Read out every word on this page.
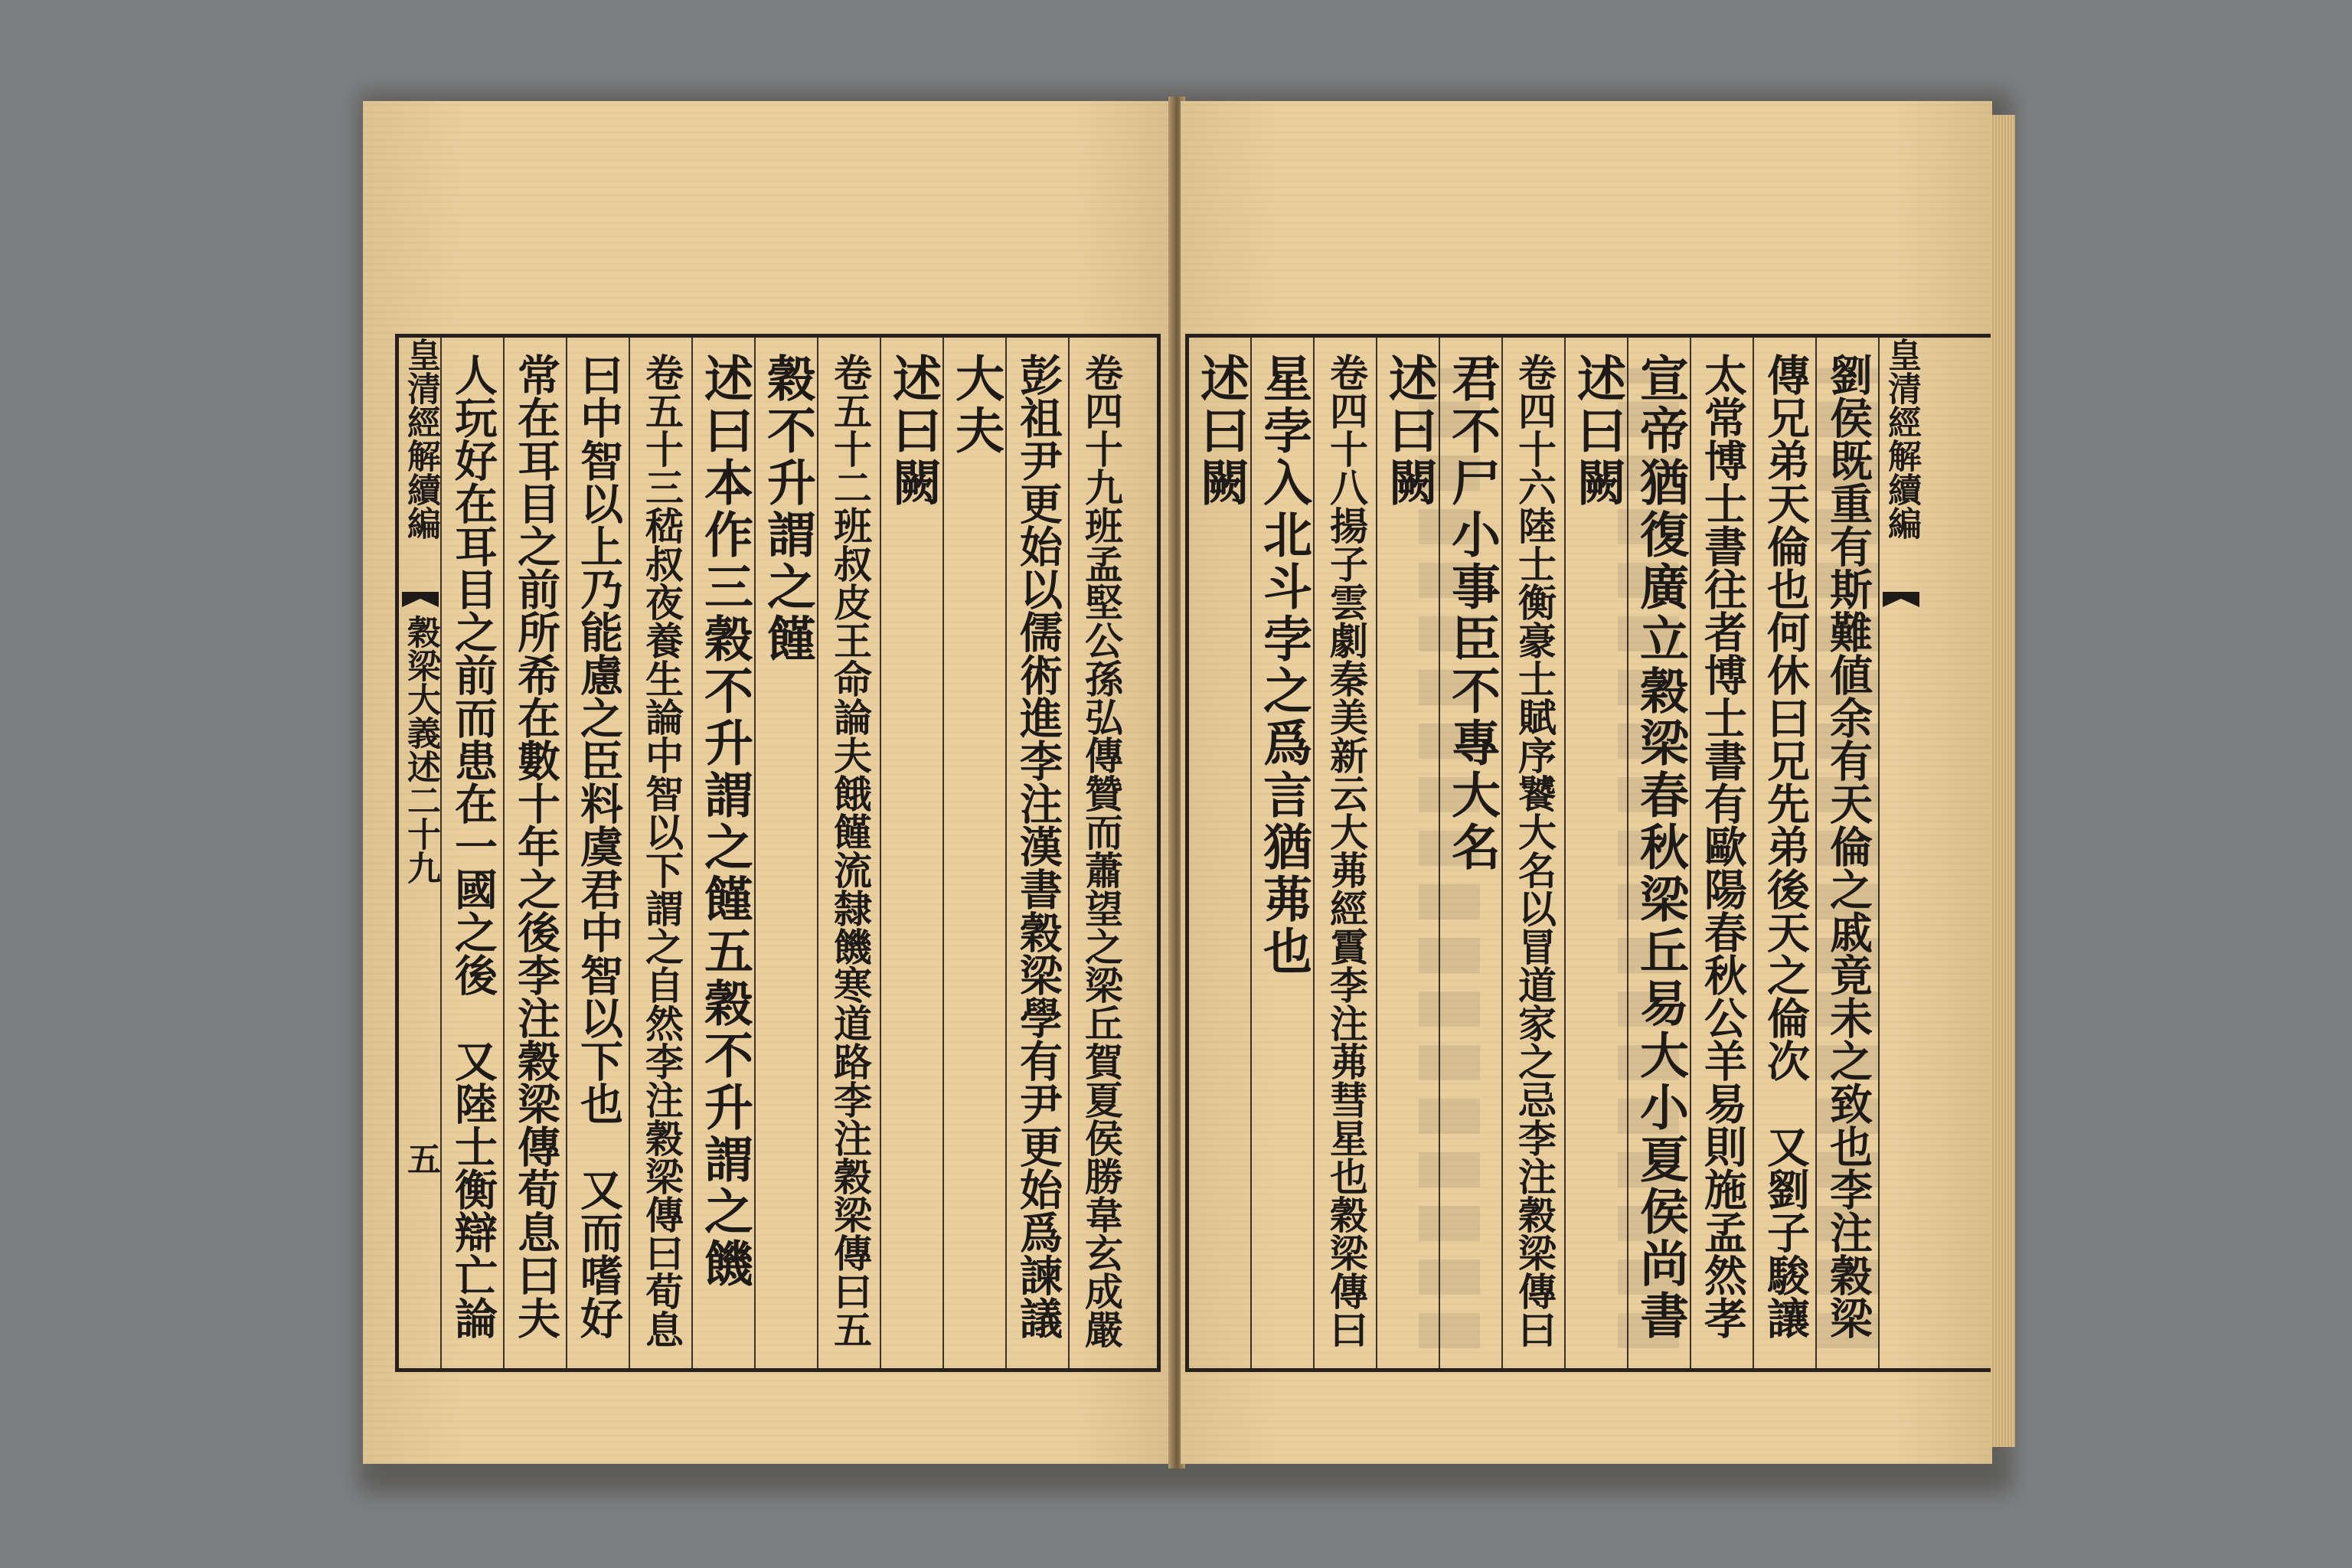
皇清經解續編
穀梁大義述二十九
五 人玩好在耳目之前而患在一國之後　又陸士衡辯亡論 常在耳目之前所希在數十年之後李注穀梁傳荀息曰夫 曰中智以上乃能慮之臣料虞君中智以下也　又而嗜好 卷五十三嵇叔夜養生論中智以下謂之自然李注穀梁傳曰荀息 述曰本作三穀不升謂之饉五穀不升謂之饑 穀不升謂之饉 卷五十二班叔皮王命論夫餓饉流隸饑寒道路李注穀梁傳曰五 述曰闕 大夫 彭祖尹更始以儒術進李注漢書穀梁學有尹更始爲諫議 卷四十九班孟堅公孫弘傳贊而蕭望之梁丘賀夏侯勝韋玄成嚴 述曰闕 星孛入北斗孛之爲言猶茀也 卷四十八揚子雲劇秦美新云大茀經霣李注茀彗星也穀梁傳曰 述曰闕 君不尸小事臣不專大名 卷四十六陸士衡豪士賦序饕大名以冒道家之忌李注穀梁傳曰 述曰闕 宣帝猶復廣立穀梁春秋梁丘易大小夏侯尚書 太常博士書往者博士書有歐陽春秋公羊易則施孟然孝 傳兄弟天倫也何休曰兄先弟後天之倫次　又劉子駿讓 劉侯既重有斯難値余有天倫之戚竟未之致也李注穀梁 皇清經解續編
